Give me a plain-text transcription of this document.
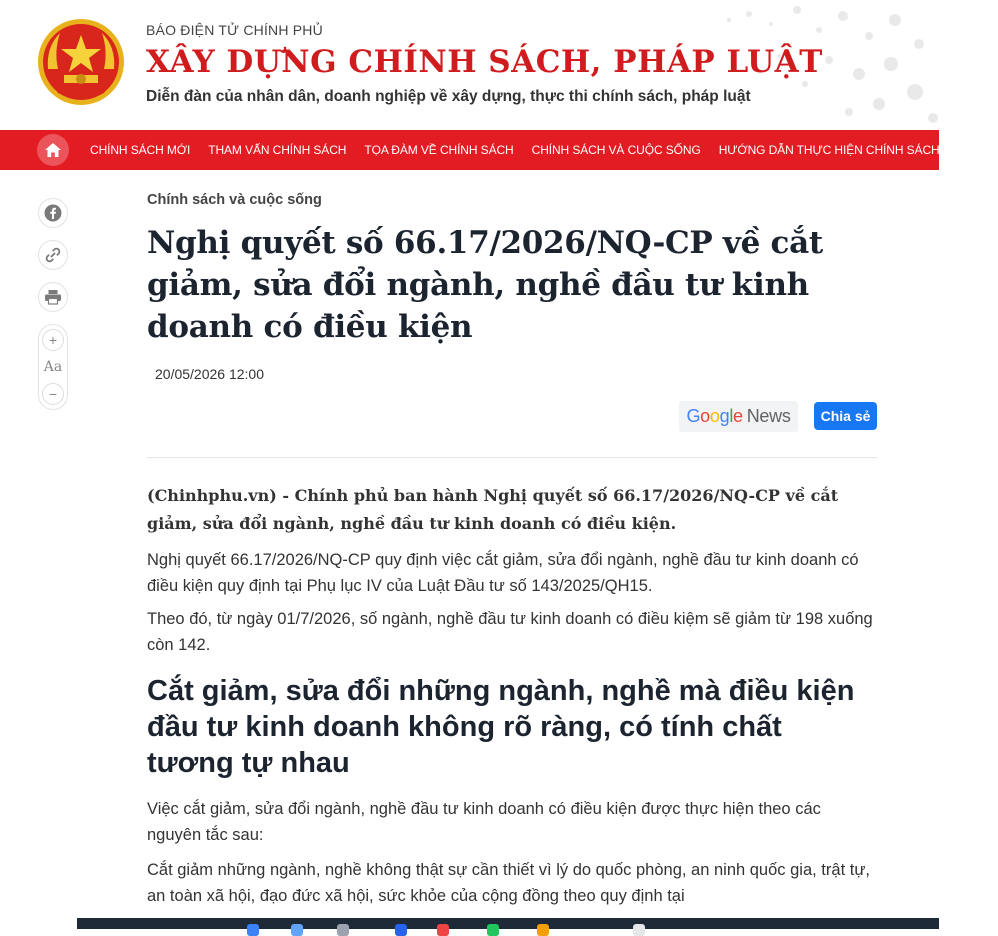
BÁO ĐIỆN TỬ CHÍNH PHỦ
XÂY DỰNG CHÍNH SÁCH, PHÁP LUẬT
Diễn đàn của nhân dân, doanh nghiệp về xây dựng, thực thi chính sách, pháp luật
CHÍNH SÁCH MỚI	THAM VẤN CHÍNH SÁCH	TỌA ĐÀM VỀ CHÍNH SÁCH	CHÍNH SÁCH VÀ CUỘC SỐNG	HƯỚNG DẪN THỰC HIỆN CHÍNH SÁCH	PHÁT
+
Aa
−
Chính sách và cuộc sống
Nghị quyết số 66.17/2026/NQ-CP về cắt giảm, sửa đổi ngành, nghề đầu tư kinh doanh có điều kiện
20/05/2026 12:00
G o o g l e News	Chia sẻ

(Chinhphu.vn) - Chính phủ ban hành Nghị quyết số 66.17/2026/NQ-CP về cắt giảm, sửa đổi ngành, nghề đầu tư kinh doanh có điều kiện.

Nghị quyết 66.17/2026/NQ-CP quy định việc cắt giảm, sửa đổi ngành, nghề đầu tư kinh doanh có điều kiện quy định tại Phụ lục IV của Luật Đầu tư số 143/2025/QH15.

Theo đó, từ ngày 01/7/2026, số ngành, nghề đầu tư kinh doanh có điều kiệm sẽ giảm từ 198 xuống còn 142.

Cắt giảm, sửa đổi những ngành, nghề mà điều kiện đầu tư kinh doanh không rõ ràng, có tính chất tương tự nhau

Việc cắt giảm, sửa đổi ngành, nghề đầu tư kinh doanh có điều kiện được thực hiện theo các nguyên tắc sau:

Cắt giảm những ngành, nghề không thật sự cần thiết vì lý do quốc phòng, an ninh quốc gia, trật tự, an toàn xã hội, đạo đức xã hội, sức khỏe của cộng đồng theo quy định tại
